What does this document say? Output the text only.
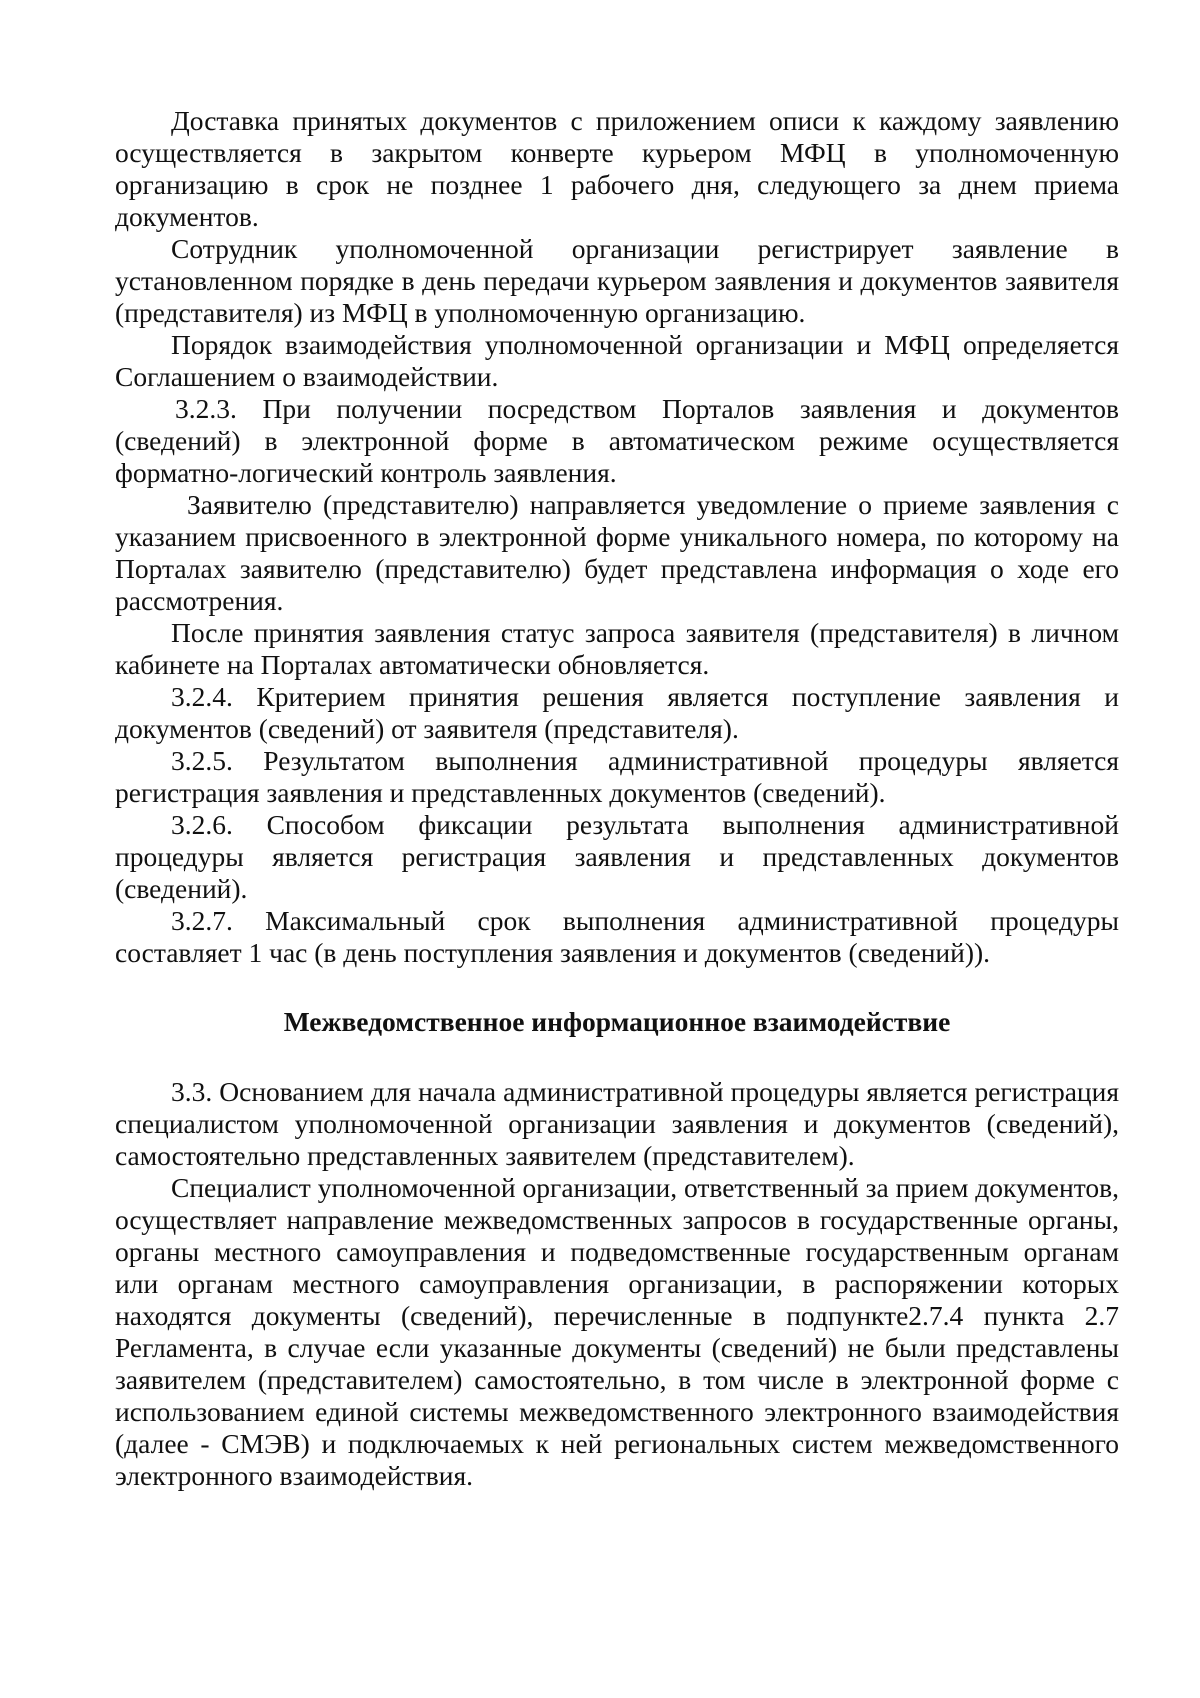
Доставка принятых документов с приложением описи к каждому заявлению осуществляется в закрытом конверте курьером МФЦ в уполномоченную организацию в срок не позднее 1 рабочего дня, следующего за днем приема документов.

Сотрудник уполномоченной организации регистрирует заявление в установленном порядке в день передачи курьером заявления и документов заявителя (представителя) из МФЦ в уполномоченную организацию.

Порядок взаимодействия уполномоченной организации и МФЦ определяется Соглашением о взаимодействии.

3.2.3. При получении посредством Порталов заявления и документов (сведений) в электронной форме в автоматическом режиме осуществляется форматно-логический контроль заявления.

Заявителю (представителю) направляется уведомление о приеме заявления с указанием присвоенного в электронной форме уникального номера, по которому на Порталах заявителю (представителю) будет представлена информация о ходе его рассмотрения.

После принятия заявления статус запроса заявителя (представителя) в личном кабинете на Порталах автоматически обновляется.

3.2.4. Критерием принятия решения является поступление заявления и документов (сведений) от заявителя (представителя).

3.2.5. Результатом выполнения административной процедуры является регистрация заявления и представленных документов (сведений).

3.2.6. Способом фиксации результата выполнения административной процедуры является регистрация заявления и представленных документов (сведений).

3.2.7. Максимальный срок выполнения административной процедуры составляет 1 час (в день поступления заявления и документов (сведений)).

Межведомственное информационное взаимодействие

3.3. Основанием для начала административной процедуры является регистрация специалистом уполномоченной организации заявления и документов (сведений), самостоятельно представленных заявителем (представителем).

Специалист уполномоченной организации, ответственный за прием документов, осуществляет направление межведомственных запросов в государственные органы, органы местного самоуправления и подведомственные государственным органам или органам местного самоуправления организации, в распоряжении которых находятся документы (сведений), перечисленные в подпункте2.7.4 пункта 2.7 Регламента, в случае если указанные документы (сведений) не были представлены заявителем (представителем) самостоятельно, в том числе в электронной форме с использованием единой системы межведомственного электронного взаимодействия (далее - СМЭВ) и подключаемых к ней региональных систем межведомственного электронного взаимодействия.
